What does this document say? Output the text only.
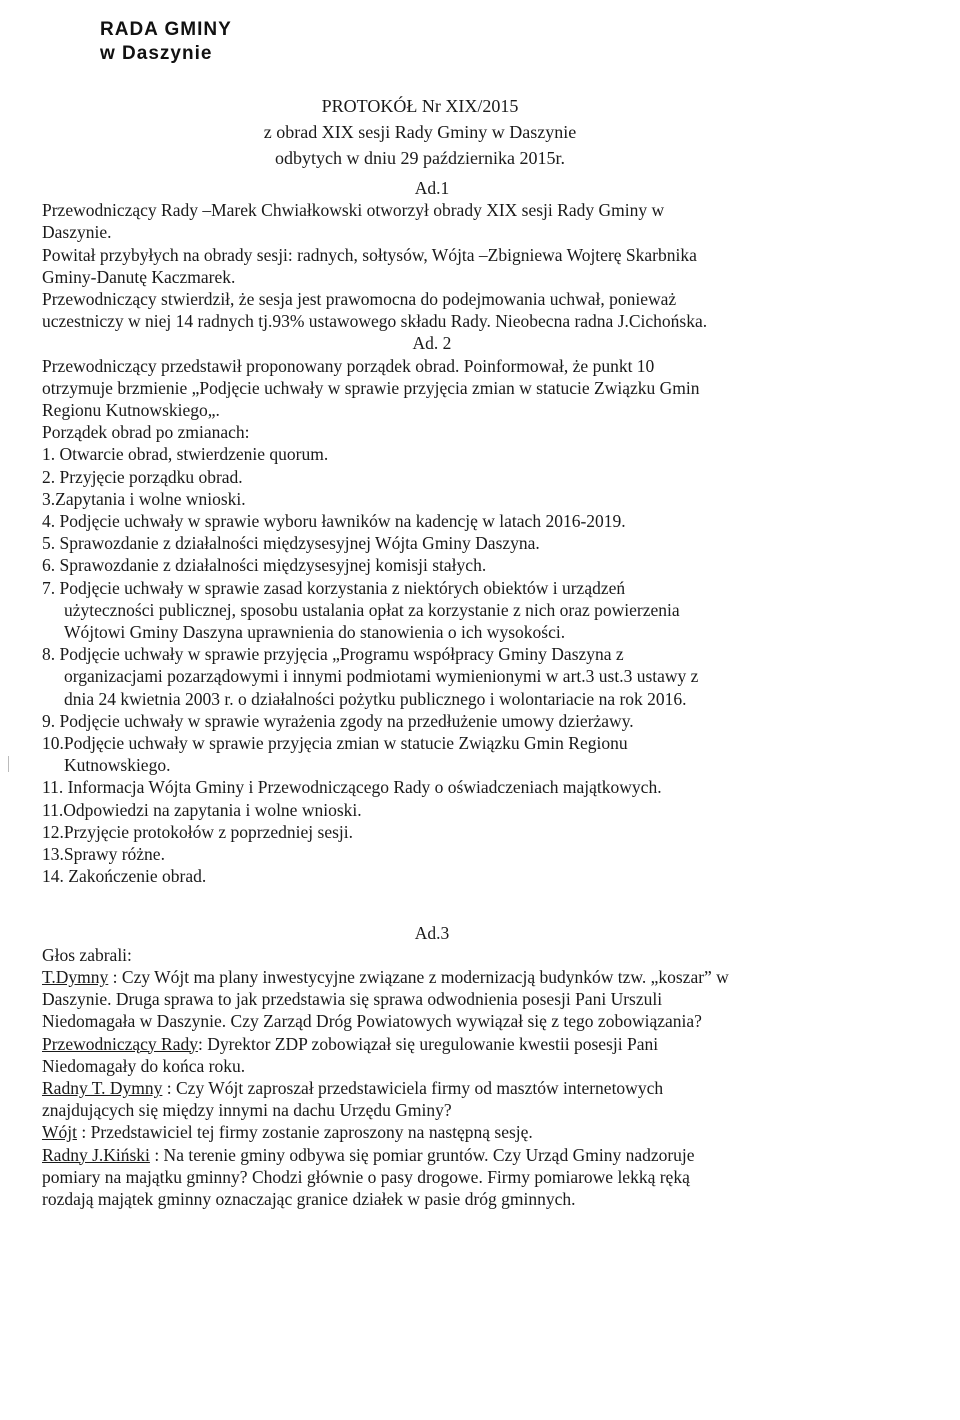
RADA GMINY
w Daszynie
PROTOKÓŁ Nr XIX/2015
z obrad XIX sesji Rady Gminy w Daszynie
odbytych w dniu 29 października 2015r.
Ad.1
Przewodniczący Rady –Marek Chwiałkowski otworzył obrady XIX sesji Rady Gminy w
Daszynie.
Powitał przybyłych na obrady sesji: radnych, sołtysów, Wójta –Zbigniewa Wojterę Skarbnika
Gminy-Danutę Kaczmarek.
Przewodniczący stwierdził, że sesja jest prawomocna do podejmowania uchwał, ponieważ
uczestniczy w niej 14 radnych tj.93% ustawowego składu Rady. Nieobecna radna J.Cichońska.
Ad. 2
Przewodniczący przedstawił proponowany porządek obrad. Poinformował, że punkt 10
otrzymuje brzmienie „Podjęcie uchwały w sprawie przyjęcia zmian w statucie Związku Gmin
Regionu Kutnowskiego„.
Porządek obrad po zmianach:
1. Otwarcie obrad, stwierdzenie quorum.
2. Przyjęcie porządku obrad.
3.Zapytania i wolne wnioski.
4. Podjęcie uchwały w sprawie wyboru ławników na kadencję w latach 2016-2019.
5. Sprawozdanie z działalności międzysesyjnej Wójta Gminy Daszyna.
6. Sprawozdanie z działalności międzysesyjnej komisji stałych.
7. Podjęcie uchwały w sprawie zasad korzystania z niektórych obiektów i urządzeń
użyteczności publicznej, sposobu ustalania opłat za korzystanie z nich oraz powierzenia
Wójtowi Gminy Daszyna uprawnienia do stanowienia o ich wysokości.
8. Podjęcie uchwały w sprawie przyjęcia „Programu współpracy Gminy Daszyna z
organizacjami pozarządowymi i innymi podmiotami wymienionymi w art.3 ust.3 ustawy z
dnia 24 kwietnia 2003 r. o działalności pożytku publicznego i wolontariacie na rok 2016.
9. Podjęcie uchwały w sprawie wyrażenia zgody na przedłużenie umowy dzierżawy.
10.Podjęcie uchwały w sprawie przyjęcia zmian w statucie Związku Gmin Regionu
Kutnowskiego.
11. Informacja Wójta Gminy i Przewodniczącego Rady o oświadczeniach majątkowych.
11.Odpowiedzi na zapytania i wolne wnioski.
12.Przyjęcie protokołów z poprzedniej sesji.
13.Sprawy różne.
14. Zakończenie obrad.
Ad.3
Głos zabrali:
T.Dymny : Czy Wójt ma plany inwestycyjne związane z modernizacją budynków tzw. „koszar” w
Daszynie. Druga sprawa to jak przedstawia się sprawa odwodnienia posesji Pani Urszuli
Niedomagała w Daszynie. Czy Zarząd Dróg Powiatowych wywiązał się z tego zobowiązania?
Przewodniczący Rady: Dyrektor ZDP zobowiązał się uregulowanie kwestii posesji Pani
Niedomagały do końca roku.
Radny T. Dymny : Czy Wójt zaproszał przedstawiciela firmy od masztów internetowych
znajdujących się między innymi na dachu Urzędu Gminy?
Wójt : Przedstawiciel tej firmy zostanie zaproszony na następną sesję.
Radny J.Kiński : Na terenie gminy odbywa się pomiar gruntów. Czy Urząd Gminy nadzoruje
pomiary na majątku gminny? Chodzi głównie o pasy drogowe. Firmy pomiarowe lekką ręką
rozdają majątek gminny oznaczając granice działek w pasie dróg gminnych.
